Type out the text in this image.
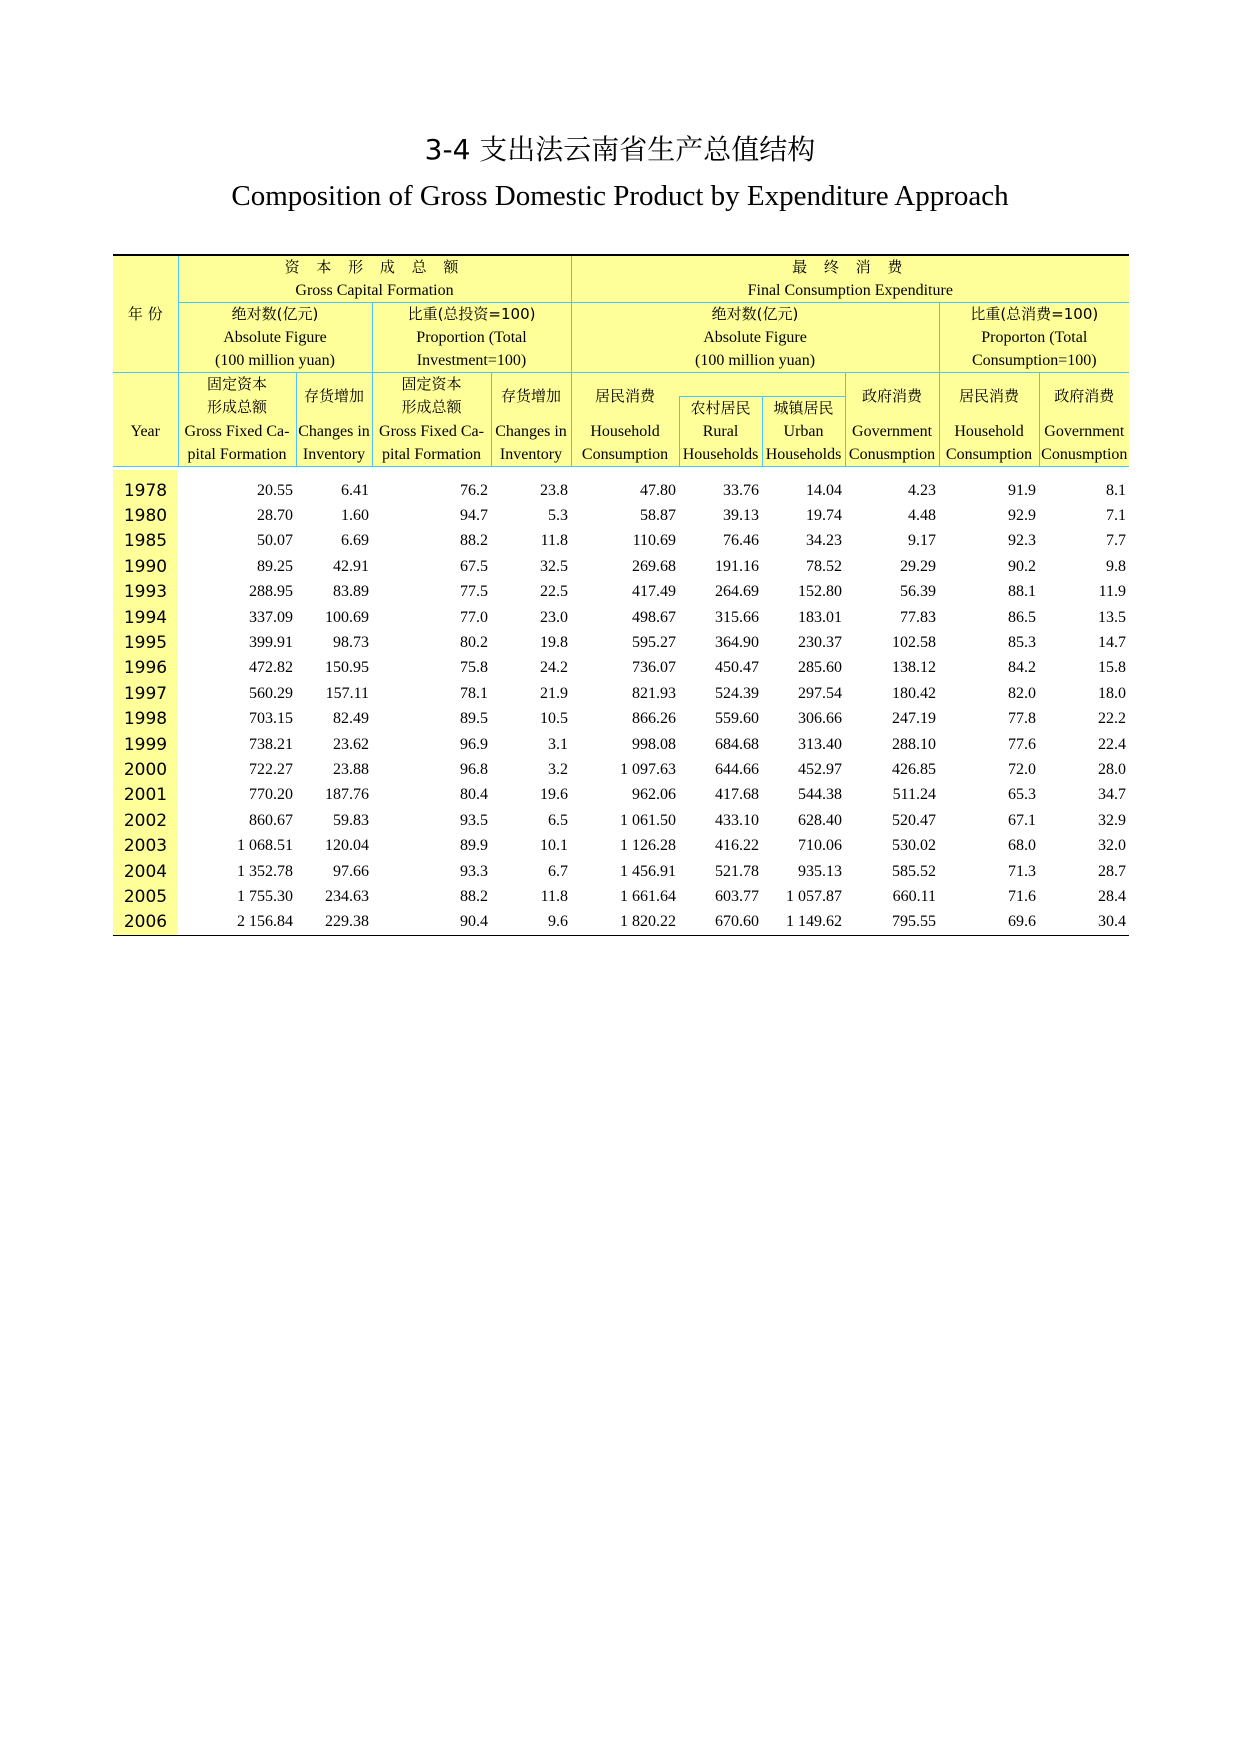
3-4 支出法云南省生产总值结构
Composition of Gross Domestic Product by Expenditure Approach
年 份	资 本 形 成 总 额				最 终 消 费					
	Gross Capital Formation				Final Consumption Expenditure					
	绝对数(亿元)		比重(总投资=100)		绝对数(亿元)				比重(总消费=100)	
	Absolute Figure		Proportion (Total		Absolute Figure				Proporton (Total	
	(100 million yuan)		Investment=100)		(100 million yuan)				Consumption=100)	
	固定资本	存货增加	固定资本	存货增加	居民消费			政府消费	居民消费	政府消费
	形成总额		形成总额			农村居民	城镇居民			
Year	Gross Fixed Ca-	Changes in	Gross Fixed Ca-	Changes in	Household	Rural	Urban	Government	Household	Government
	pital Formation	Inventory	pital Formation	Inventory	Consumption	Households	Households	Conusmption	Consumption	Conusmption

1978	20.55	6.41	76.2	23.8	47.80	33.76	14.04	4.23	91.9	8.1
1980	28.70	1.60	94.7	5.3	58.87	39.13	19.74	4.48	92.9	7.1
1985	50.07	6.69	88.2	11.8	110.69	76.46	34.23	9.17	92.3	7.7
1990	89.25	42.91	67.5	32.5	269.68	191.16	78.52	29.29	90.2	9.8
1993	288.95	83.89	77.5	22.5	417.49	264.69	152.80	56.39	88.1	11.9
1994	337.09	100.69	77.0	23.0	498.67	315.66	183.01	77.83	86.5	13.5
1995	399.91	98.73	80.2	19.8	595.27	364.90	230.37	102.58	85.3	14.7
1996	472.82	150.95	75.8	24.2	736.07	450.47	285.60	138.12	84.2	15.8
1997	560.29	157.11	78.1	21.9	821.93	524.39	297.54	180.42	82.0	18.0
1998	703.15	82.49	89.5	10.5	866.26	559.60	306.66	247.19	77.8	22.2
1999	738.21	23.62	96.9	3.1	998.08	684.68	313.40	288.10	77.6	22.4
2000	722.27	23.88	96.8	3.2	1 097.63	644.66	452.97	426.85	72.0	28.0
2001	770.20	187.76	80.4	19.6	962.06	417.68	544.38	511.24	65.3	34.7
2002	860.67	59.83	93.5	6.5	1 061.50	433.10	628.40	520.47	67.1	32.9
2003	1 068.51	120.04	89.9	10.1	1 126.28	416.22	710.06	530.02	68.0	32.0
2004	1 352.78	97.66	93.3	6.7	1 456.91	521.78	935.13	585.52	71.3	28.7
2005	1 755.30	234.63	88.2	11.8	1 661.64	603.77	1 057.87	660.11	71.6	28.4
2006	2 156.84	229.38	90.4	9.6	1 820.22	670.60	1 149.62	795.55	69.6	30.4
